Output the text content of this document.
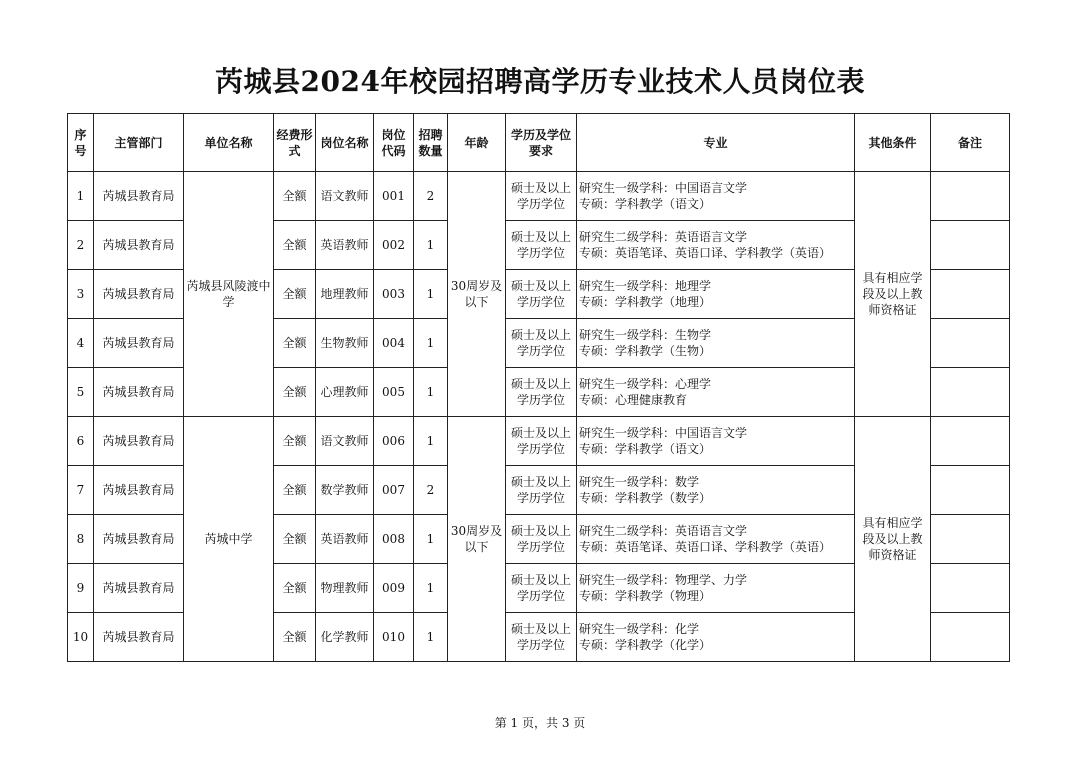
芮城县2024年校园招聘高学历专业技术人员岗位表
序号	主管部门	单位名称	经费形式	岗位名称	岗位代码	招聘数量	年龄	学历及学位要求	专业	其他条件	备注
1	芮城县教育局	芮城县风陵渡中学	全额	语文教师	001	2	30周岁及以下	硕士及以上学历学位	研究生一级学科：中国语言文学
专硕：学科教学（语文）	具有相应学段及以上教师资格证	
2	芮城县教育局		全额	英语教师	002	1		硕士及以上学历学位	研究生二级学科：英语语言文学
专硕：英语笔译、英语口译、学科教学（英语）		

3	芮城县教育局		全额	地理教师	003	1		硕士及以上学历学位	研究生一级学科：地理学
专硕：学科教学（地理）		

4	芮城县教育局		全额	生物教师	004	1		硕士及以上学历学位	研究生一级学科：生物学
专硕：学科教学（生物）		

5	芮城县教育局		全额	心理教师	005	1		硕士及以上学历学位	研究生一级学科：心理学
专硕：心理健康教育		

6	芮城县教育局	芮城中学	全额	语文教师	006	1	30周岁及以下	硕士及以上学历学位	研究生一级学科：中国语言文学
专硕：学科教学（语文）	具有相应学段及以上教师资格证	
7	芮城县教育局		全额	数学教师	007	2		硕士及以上学历学位	研究生一级学科：数学
专硕：学科教学（数学）		

8	芮城县教育局		全额	英语教师	008	1		硕士及以上学历学位	研究生二级学科：英语语言文学
专硕：英语笔译、英语口译、学科教学（英语）		

9	芮城县教育局		全额	物理教师	009	1		硕士及以上学历学位	研究生一级学科：物理学、力学
专硕：学科教学（物理）		

10	芮城县教育局		全额	化学教师	010	1		硕士及以上学历学位	研究生一级学科：化学
专硕：学科教学（化学）		

第 1 页，共 3 页
